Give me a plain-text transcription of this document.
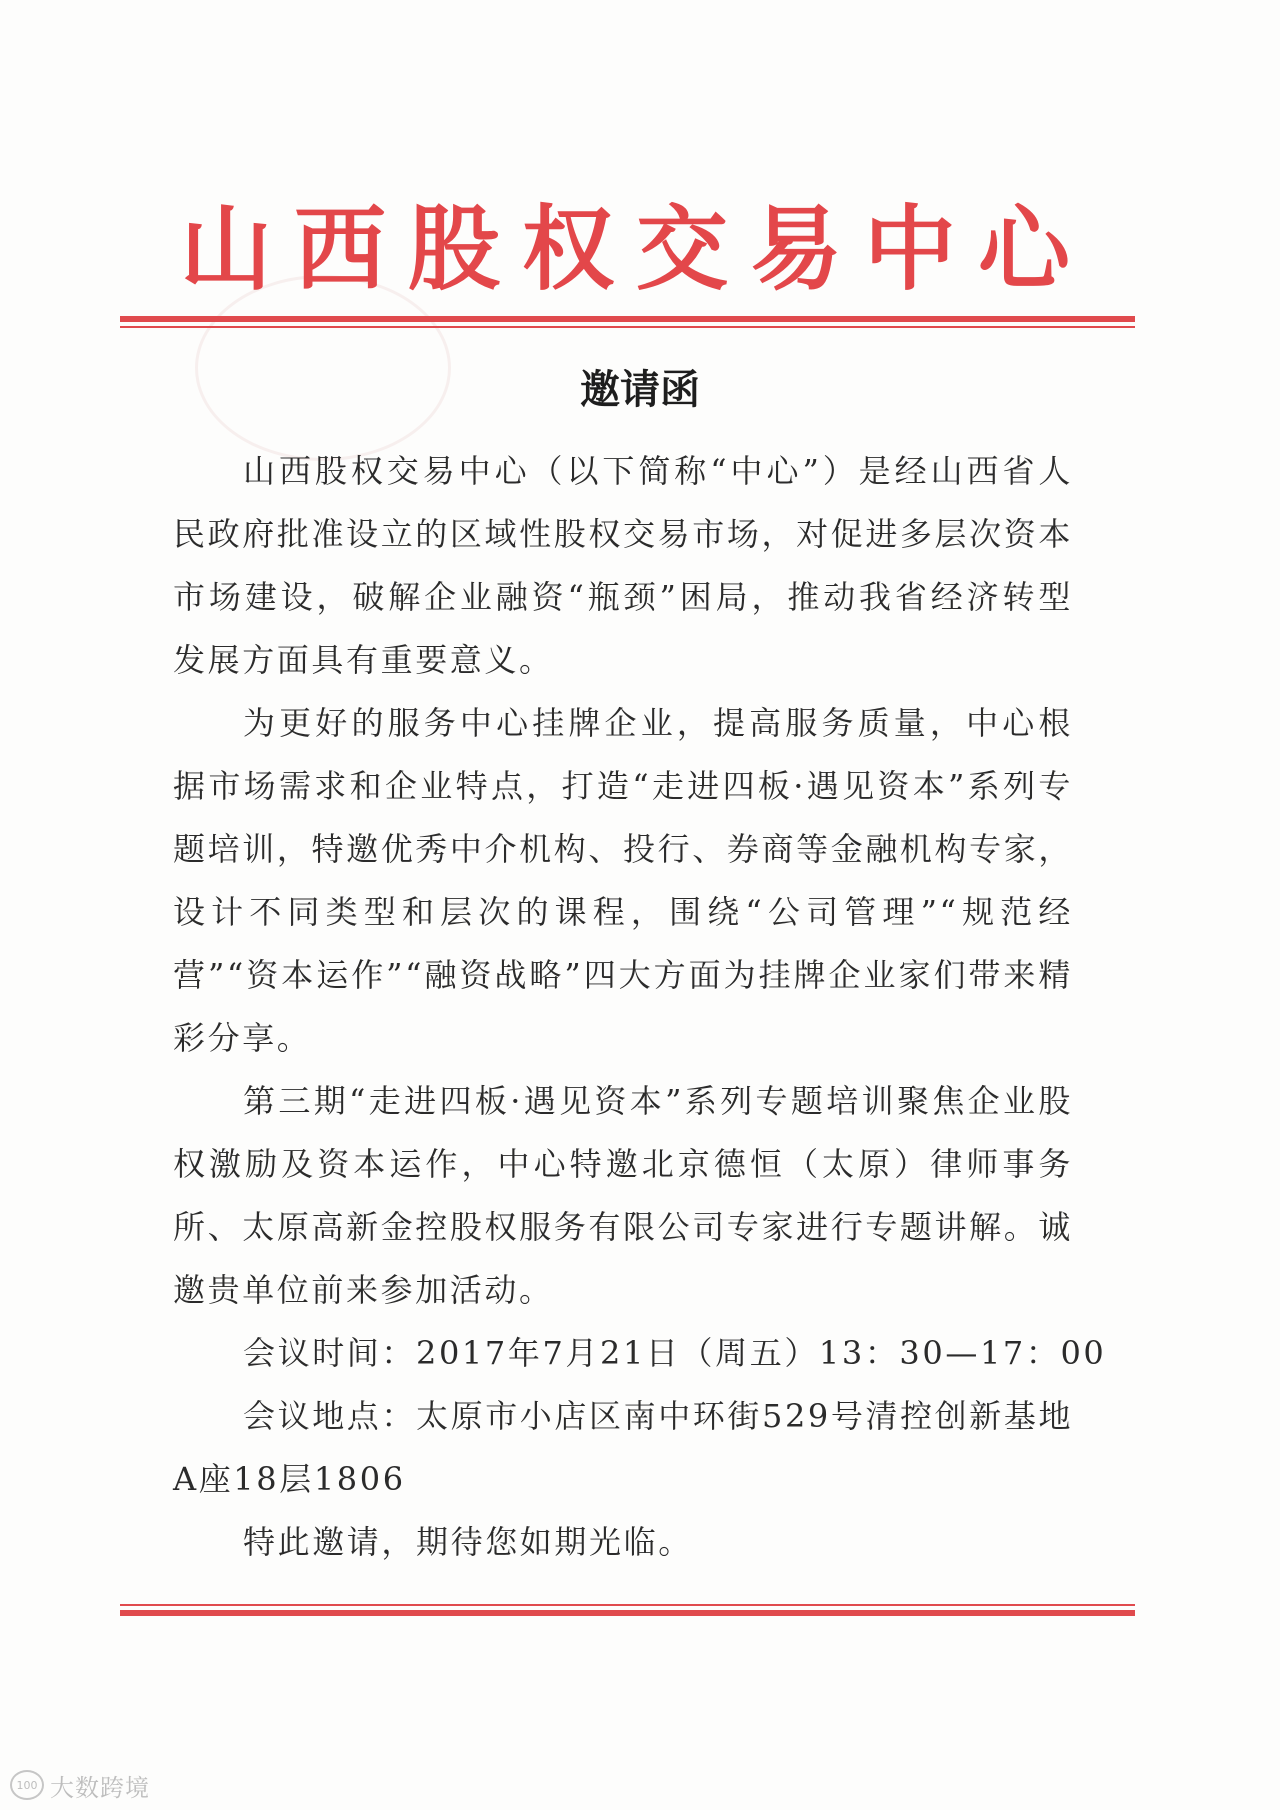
山西股权交易中心
邀请函

山西股权交易中心（以下简称“中心”）是经山西省人民政府批准设立的区域性股权交易市场，对促进多层次资本市场建设，破解企业融资“瓶颈”困局，推动我省经济转型发展方面具有重要意义。

为更好的服务中心挂牌企业，提高服务质量，中心根据市场需求和企业特点，打造“走进四板·遇见资本”系列专题培训，特邀优秀中介机构、投行、券商等金融机构专家，设计不同类型和层次的课程，围绕“公司管理”“规范经营”“资本运作”“融资战略”四大方面为挂牌企业家们带来精彩分享。

第三期“走进四板·遇见资本”系列专题培训聚焦企业股权激励及资本运作，中心特邀北京德恒（太原）律师事务所、太原高新金控股权服务有限公司专家进行专题讲解。诚邀贵单位前来参加活动。

会议时间：2017年7月21日（周五）13：30—17：00

会议地点：太原市小店区南中环街529号清控创新基地

A座18层1806

特此邀请，期待您如期光临。

100 大数跨境
